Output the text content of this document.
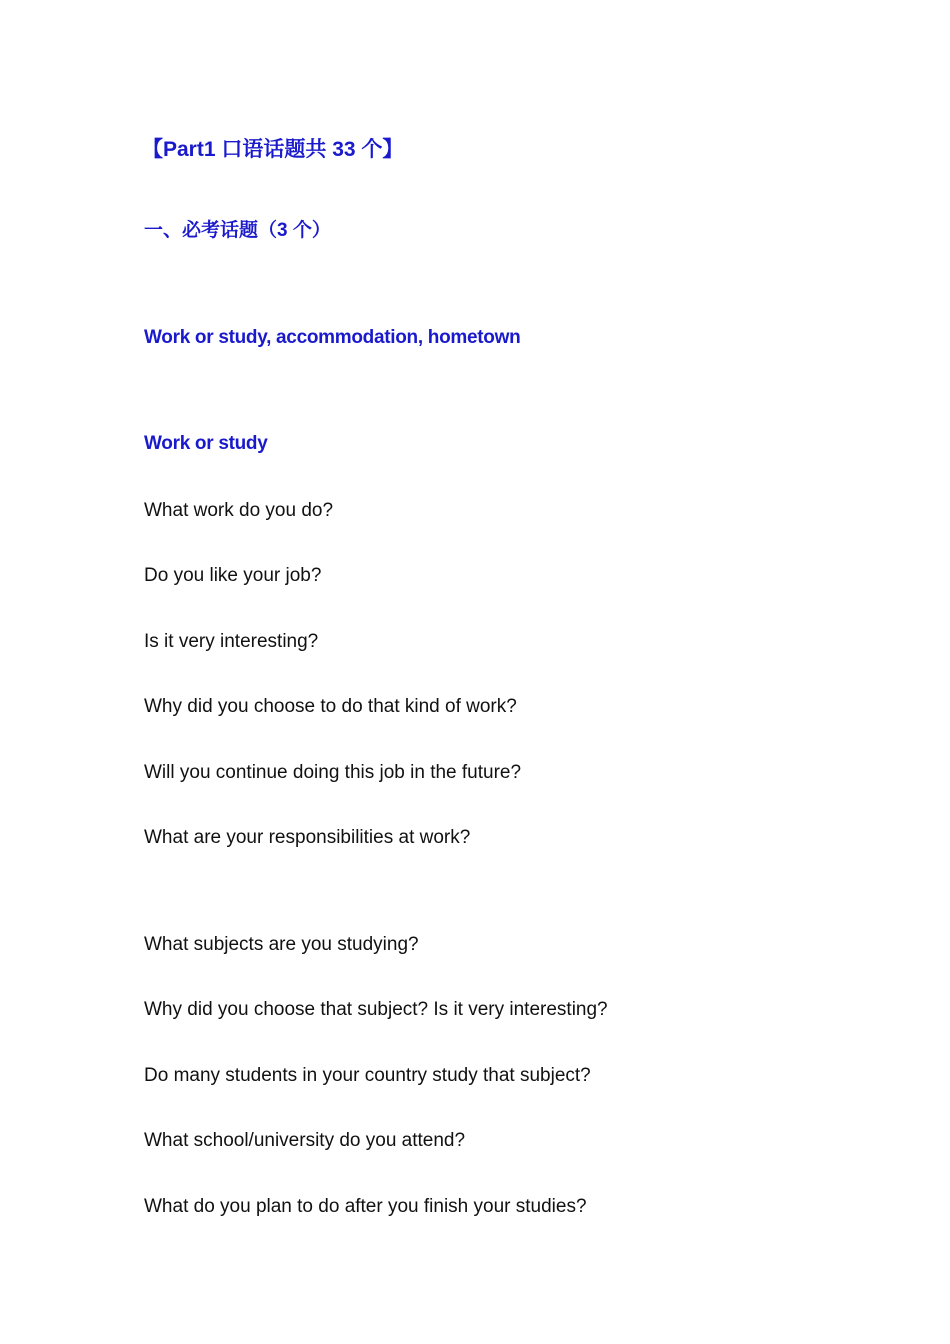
【Part1 口语话题共 33 个】
一、必考话题（3 个）
Work or study, accommodation, hometown
Work or study
What work do you do?
Do you like your job?
Is it very interesting?
Why did you choose to do that kind of work?
Will you continue doing this job in the future?
What are your responsibilities at work?
What subjects are you studying?
Why did you choose that subject? Is it very interesting?
Do many students in your country study that subject?
What school/university do you attend?
What do you plan to do after you finish your studies?
